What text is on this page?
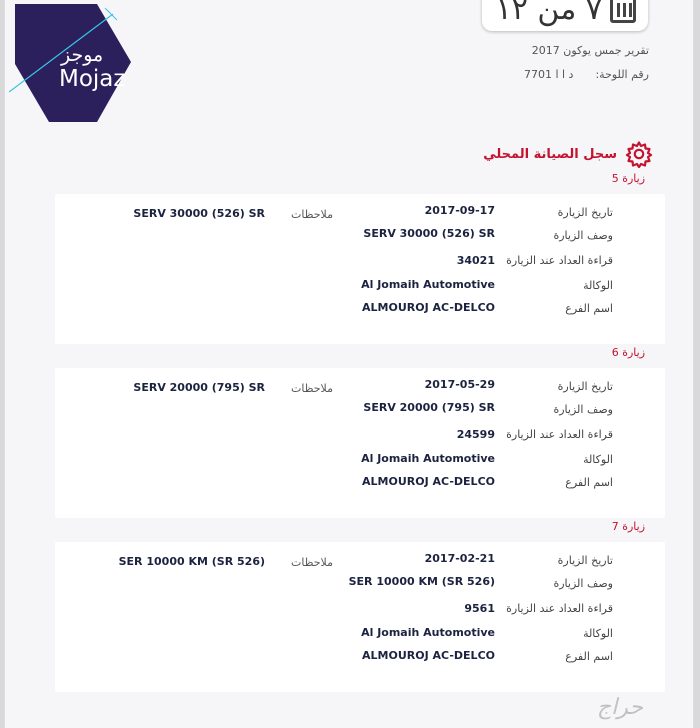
موجز
Mojaz
٧ من ١٢
تقرير جمس يوكون 2017
رقم اللوحة:
د ا ا 7701
سجل الصيانة المحلي
زيارة 5
تاريخ الزيارة
2017-09-17
ملاحظات
SERV 30000 (526) SR
وصف الزيارة
SERV 30000 (526) SR
قراءة العداد عند الزيارة
34021
الوكالة
Al Jomaih Automotive
اسم الفرع
ALMOUROJ AC-DELCO
زيارة 6
تاريخ الزيارة
2017-05-29
ملاحظات
SERV 20000 (795) SR
وصف الزيارة
SERV 20000 (795) SR
قراءة العداد عند الزيارة
24599
الوكالة
Al Jomaih Automotive
اسم الفرع
ALMOUROJ AC-DELCO
زيارة 7
تاريخ الزيارة
2017-02-21
ملاحظات
SER 10000 KM (SR 526)
وصف الزيارة
SER 10000 KM (SR 526)
قراءة العداد عند الزيارة
9561
الوكالة
Al Jomaih Automotive
اسم الفرع
ALMOUROJ AC-DELCO
حراج
